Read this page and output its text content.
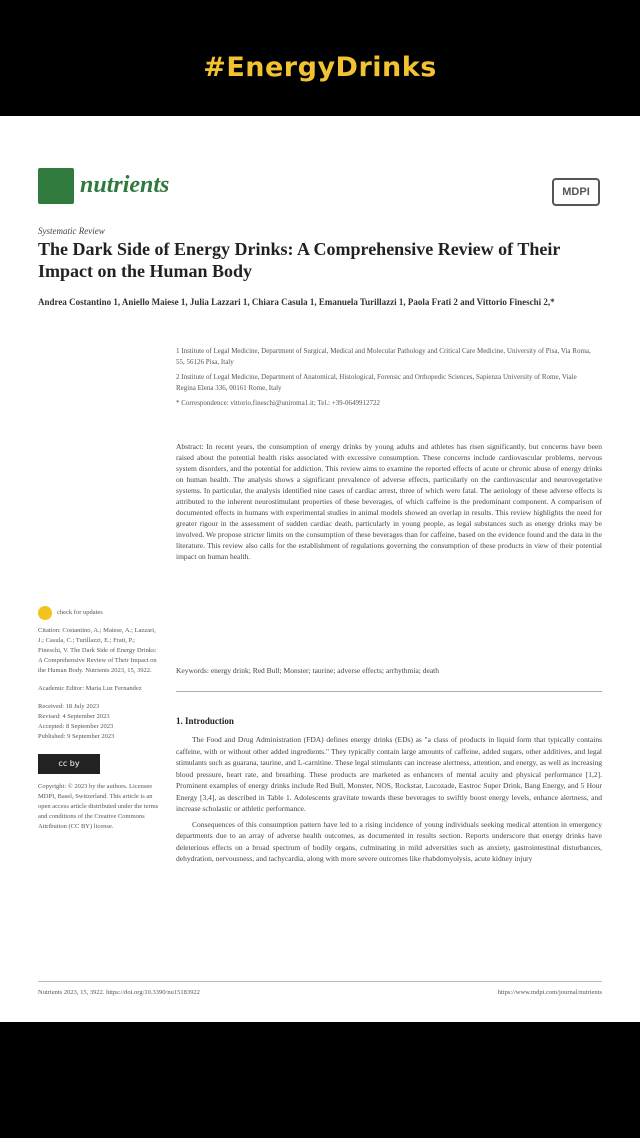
#EnergyDrinks
nutrients	MDPI
Systematic Review
The Dark Side of Energy Drinks: A Comprehensive Review of Their Impact on the Human Body
Andrea Costantino 1, Aniello Maiese 1, Julia Lazzari 1, Chiara Casula 1, Emanuela Turillazzi 1, Paola Frati 2 and Vittorio Fineschi 2,*

1 Institute of Legal Medicine, Department of Surgical, Medical and Molecular Pathology and Critical Care Medicine, University of Pisa, Via Roma, 55, 56126 Pisa, Italy

2 Institute of Legal Medicine, Department of Anatomical, Histological, Forensic and Orthopedic Sciences, Sapienza University of Rome, Viale Regina Elena 336, 00161 Rome, Italy

* Correspondence: vittorio.fineschi@uniroma1.it; Tel.: +39-0649912722

Abstract: In recent years, the consumption of energy drinks by young adults and athletes has risen significantly, but concerns have been raised about the potential health risks associated with excessive consumption. These concerns include cardiovascular problems, nervous system disorders, and the potential for addiction. This review aims to examine the reported effects of acute or chronic abuse of energy drinks on human health. The analysis shows a significant prevalence of adverse effects, particularly on the cardiovascular and neurovegetative systems. In particular, the analysis identified nine cases of cardiac arrest, three of which were fatal. The aetiology of these adverse effects is attributed to the inherent neurostimulant properties of these beverages, of which caffeine is the predominant component. A comparison of documented effects in humans with experimental studies in animal models showed an overlap in results. This review highlights the need for greater rigour in the assessment of sudden cardiac death, particularly in young people, as legal substances such as energy drinks may be involved. We propose stricter limits on the consumption of these beverages than for caffeine, based on the evidence found and the data in the literature. This review also calls for the establishment of regulations governing the consumption of these products in view of their potential impact on human health.
Keywords: energy drink; Red Bull; Monster; taurine; adverse effects; arrhythmia; death
check for updates
Citation: Costantino, A.; Maiese, A.; Lazzari, J.; Casula, C.; Turillazzi, E.; Frati, P.; Fineschi, V. The Dark Side of Energy Drinks: A Comprehensive Review of Their Impact on the Human Body. Nutrients 2023, 15, 3922.
Academic Editor: Maria Luz Fernandez
Received: 18 July 2023
Revised: 4 September 2023
Accepted: 8 September 2023
Published: 9 September 2023
cc by
Copyright: © 2023 by the authors. Licensee MDPI, Basel, Switzerland. This article is an open access article distributed under the terms and conditions of the Creative Commons Attribution (CC BY) license.
1. Introduction

The Food and Drug Administration (FDA) defines energy drinks (EDs) as "a class of products in liquid form that typically contains caffeine, with or without other added ingredients." They typically contain large amounts of caffeine, added sugars, other additives, and legal stimulants such as guarana, taurine, and L-carnitine. These legal stimulants can increase alertness, attention, and energy, as well as increasing blood pressure, heart rate, and breathing. These products are marketed as enhancers of mental acuity and physical performance [1,2]. Prominent examples of energy drinks include Red Bull, Monster, NOS, Rockstar, Lucozade, Eastroc Super Drink, Bang Energy, and 5 Hour Energy [3,4], as described in Table 1. Adolescents gravitate towards these beverages to swiftly boost energy levels, enhance alertness, and increase scholastic or athletic performance.

Consequences of this consumption pattern have led to a rising incidence of young individuals seeking medical attention in emergency departments due to an array of adverse health outcomes, as documented in results section. Reports underscore that energy drinks have deleterious effects on a broad spectrum of bodily organs, culminating in mild adversities such as anxiety, gastrointestinal disturbances, dehydration, nervousness, and tachycardia, along with more severe outcomes like rhabdomyolysis, acute kidney injury

Nutrients 2023, 15, 3922. https://doi.org/10.3390/nu15183922	https://www.mdpi.com/journal/nutrients
